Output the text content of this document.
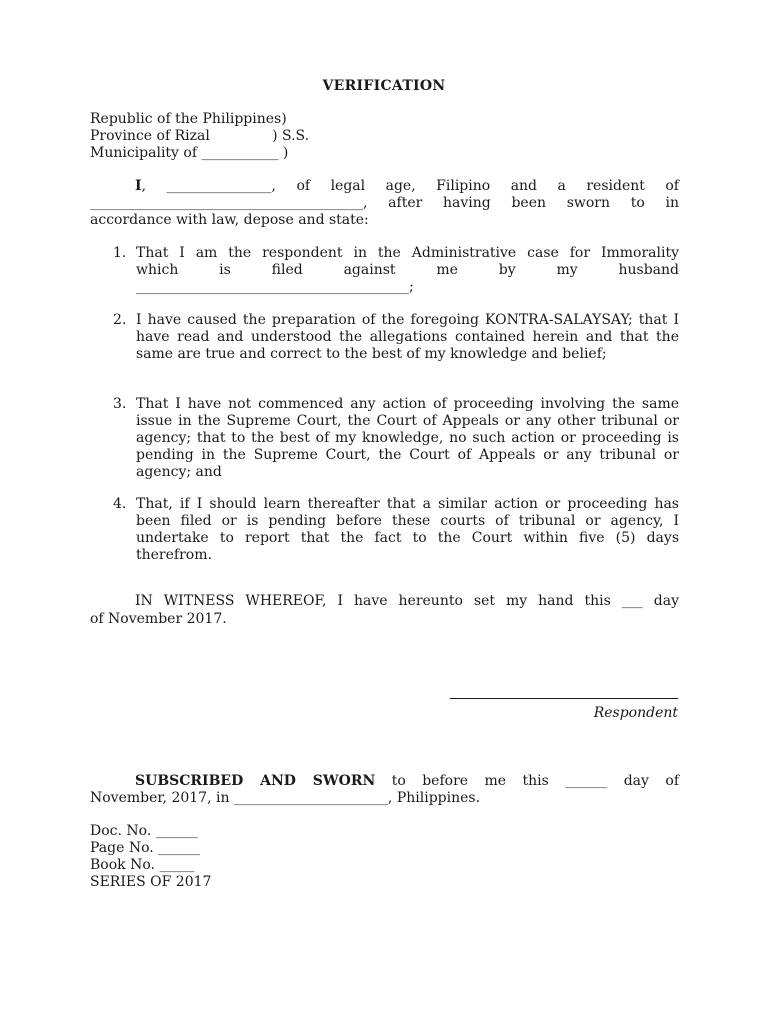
VERIFICATION
Republic of the Philippines)
Province of Rizal              ) S.S.
Municipality of ___________ )
I, _______________, of legal age, Filipino and a resident of
_______________________________________, after having been sworn to in
accordance with law, depose and state:
1. That I am the respondent in the Administrative case for Immorality
which is filed against me by my husband
_______________________________________;
2. I have caused the preparation of the foregoing KONTRA-SALAYSAY; that I have read and understood the allegations contained herein and that the same are true and correct to the best of my knowledge and belief;
3. That I have not commenced any action of proceeding involving the same issue in the Supreme Court, the Court of Appeals or any other tribunal or agency; that to the best of my knowledge, no such action or proceeding is pending in the Supreme Court, the Court of Appeals or any tribunal or agency; and
4. That, if I should learn thereafter that a similar action or proceeding has been filed or is pending before these courts of tribunal or agency, I undertake to report that the fact to the Court within five (5) days therefrom.
IN WITNESS WHEREOF, I have hereunto set my hand this ___ day
of November 2017.
Respondent
SUBSCRIBED AND SWORN to before me this ______ day of
November, 2017, in ______________________, Philippines.
Doc. No. ______
Page No. ______
Book No. _____
SERIES OF 2017
